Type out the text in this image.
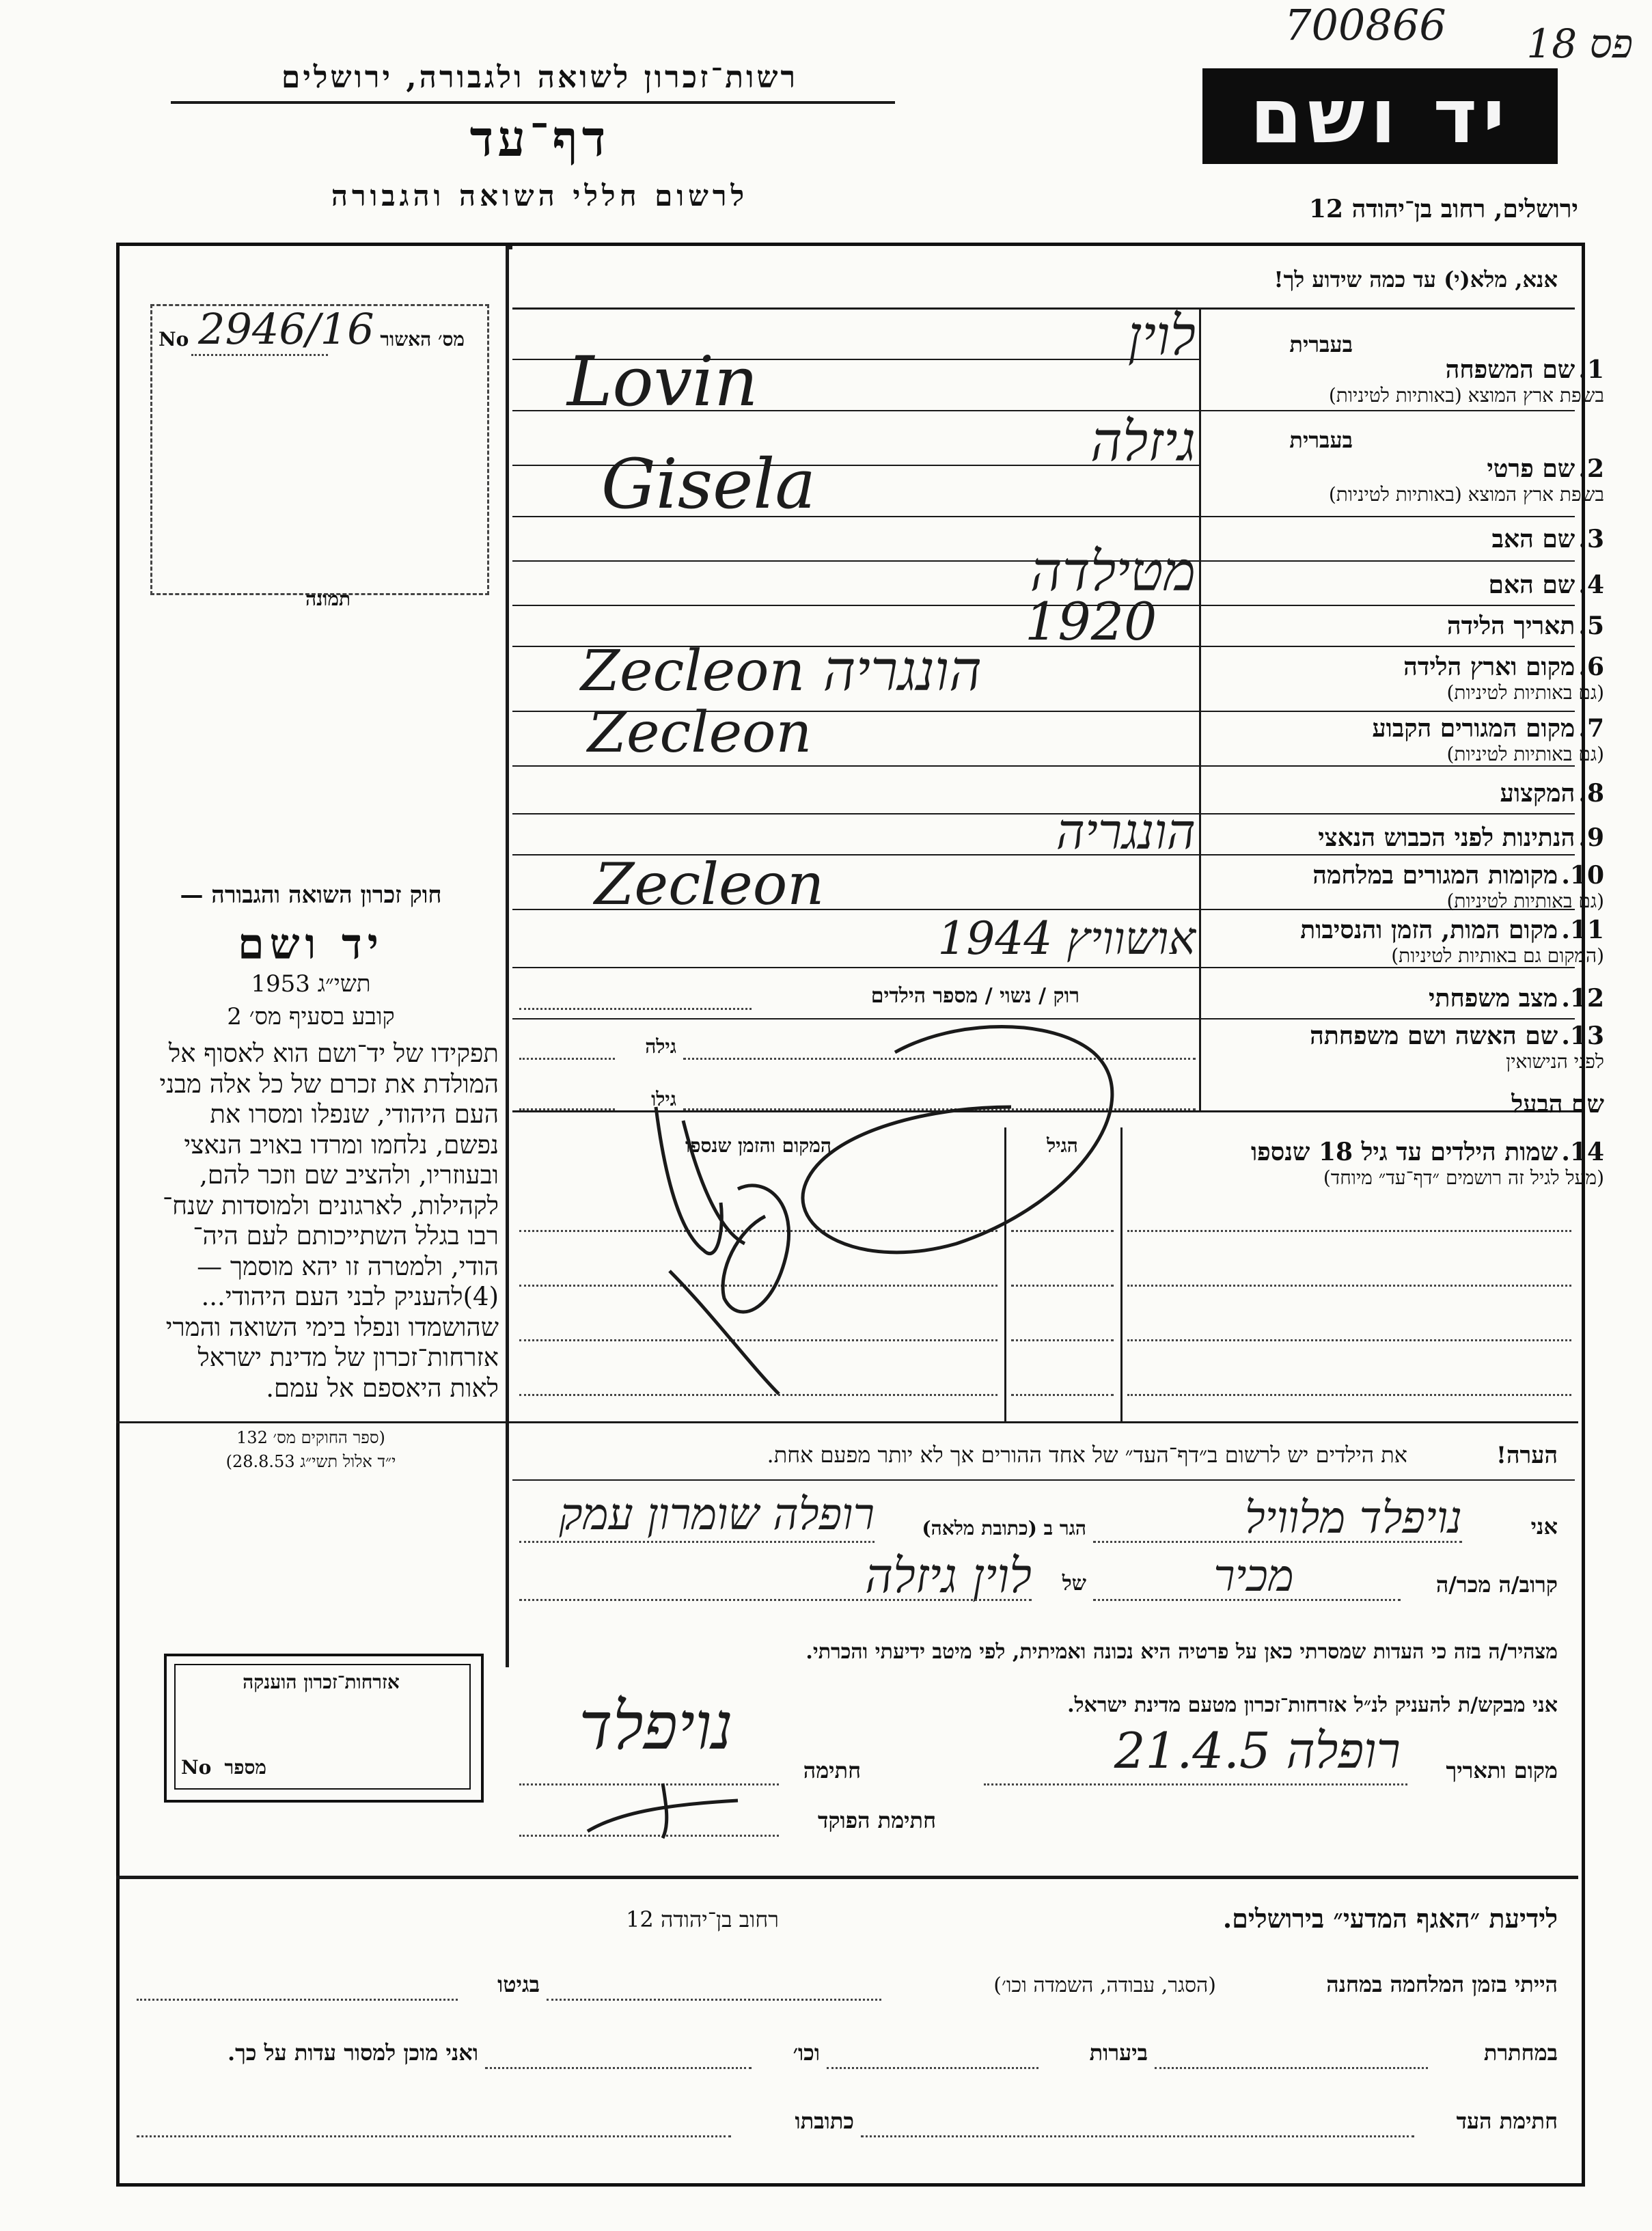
700866	פס 18
רשות־זכרון לשואה ולגבורה, ירושלים
דף־עד
לרשום חללי השואה והגבורה
יד ושם
ירושלים, רחוב בן־יהודה 12
מס׳ האשור
No 2946/16
תמונה
חוק זכרון השואה והגבורה —
יד ושם
תשי״ג 1953
קובע בסעיף מס׳ 2
תפקידו של יד־ושם הוא לאסוף אל
המולדת את זכרם של כל אלה מבני
העם היהודי, שנפלו ומסרו את
נפשם, נלחמו ומרדו באויב הנאצי
ובעוזריו, ולהציב שם וזכר להם,
לקהילות, לארגונים ולמוסדות שנח־
רבו בגלל השתייכותם לעם היה־
הודי, ולמטרה זו יהא מוסמך —
(4)להעניק לבני העם היהודי...
שהושמדו ונפלו בימי השואה והמרי
אזרחות־זכרון של מדינת ישראל
לאות היאספם אל עמם.
(ספר החוקים מס׳ 132
י״ד אלול תשי״ג 28.8.53)
אזרחות־זכרון הוענקה
מספר
No
אנא, מלא(י) עד כמה שידוע לך!
בעברית
1. שם המשפחה
בשפת ארץ המוצא (באותיות לטיניות)
לוין
Lovin
בעברית
2. שם פרטי
בשפת ארץ המוצא (באותיות לטיניות)
גיזלה
Gisela
3. שם האב
4. שם האם
מטילדה
5. תאריך הלידה
1920
6. מקום וארץ הלידה
(גם באותיות לטיניות)
Zecleon הונגריה
7. מקום המגורים הקבוע
(גם באותיות לטיניות)
Zecleon
8. המקצוע
9. הנתינות לפני הכבוש הנאצי
הונגריה
10. מקומות המגורים במלחמה
(גם באותיות לטיניות)
Zecleon
11. מקום המות, הזמן והנסיבות
(המקום גם באותיות לטיניות)
אושוויץ 1944
12. מצב משפחתי
רוק / נשוי / מספר הילדים
13. שם האשה ושם משפחתה
לפני הנישואין
גילה
גילו	שם הבעל
14. שמות הילדים עד גיל 18 שנספו
(מעל לגיל זה רושמים ״דף־עד״ מיוחד)
הגיל
המקום והזמן שנספו
הערה!
את הילדים יש לרשום ב״דף־העד״ של אחד ההורים אך לא יותר מפעם אחת.
אני
נויפלד מלוויל
הגר ב (כתובת מלאה)
רופלה שומרון עמק
קרוב/ה מכר/ה
מכיר
של
לוין גיזלה
מצהיר/ה בזה כי העדות שמסרתי כאן על פרטיה היא נכונה ואמיתית, לפי מיטב ידיעתי והכרתי.
אני מבקש/ת להעניק לנ״ל אזרחות־זכרון מטעם מדינת ישראל.
מקום ותאריך
רופלה 21.4.5
חתימה
נויפלד
חתימת הפוקד
לידיעת ״האגף המדעי״ בירושלים.
רחוב בן־יהודה 12
הייתי בזמן המלחמה במחנה
(הסגר, עבודה, השמדה וכו׳)
בגיטו
במחתרת
ביערות
וכו׳
ואני מוכן למסור עדות על כך.
חתימת העד
כתובתו
